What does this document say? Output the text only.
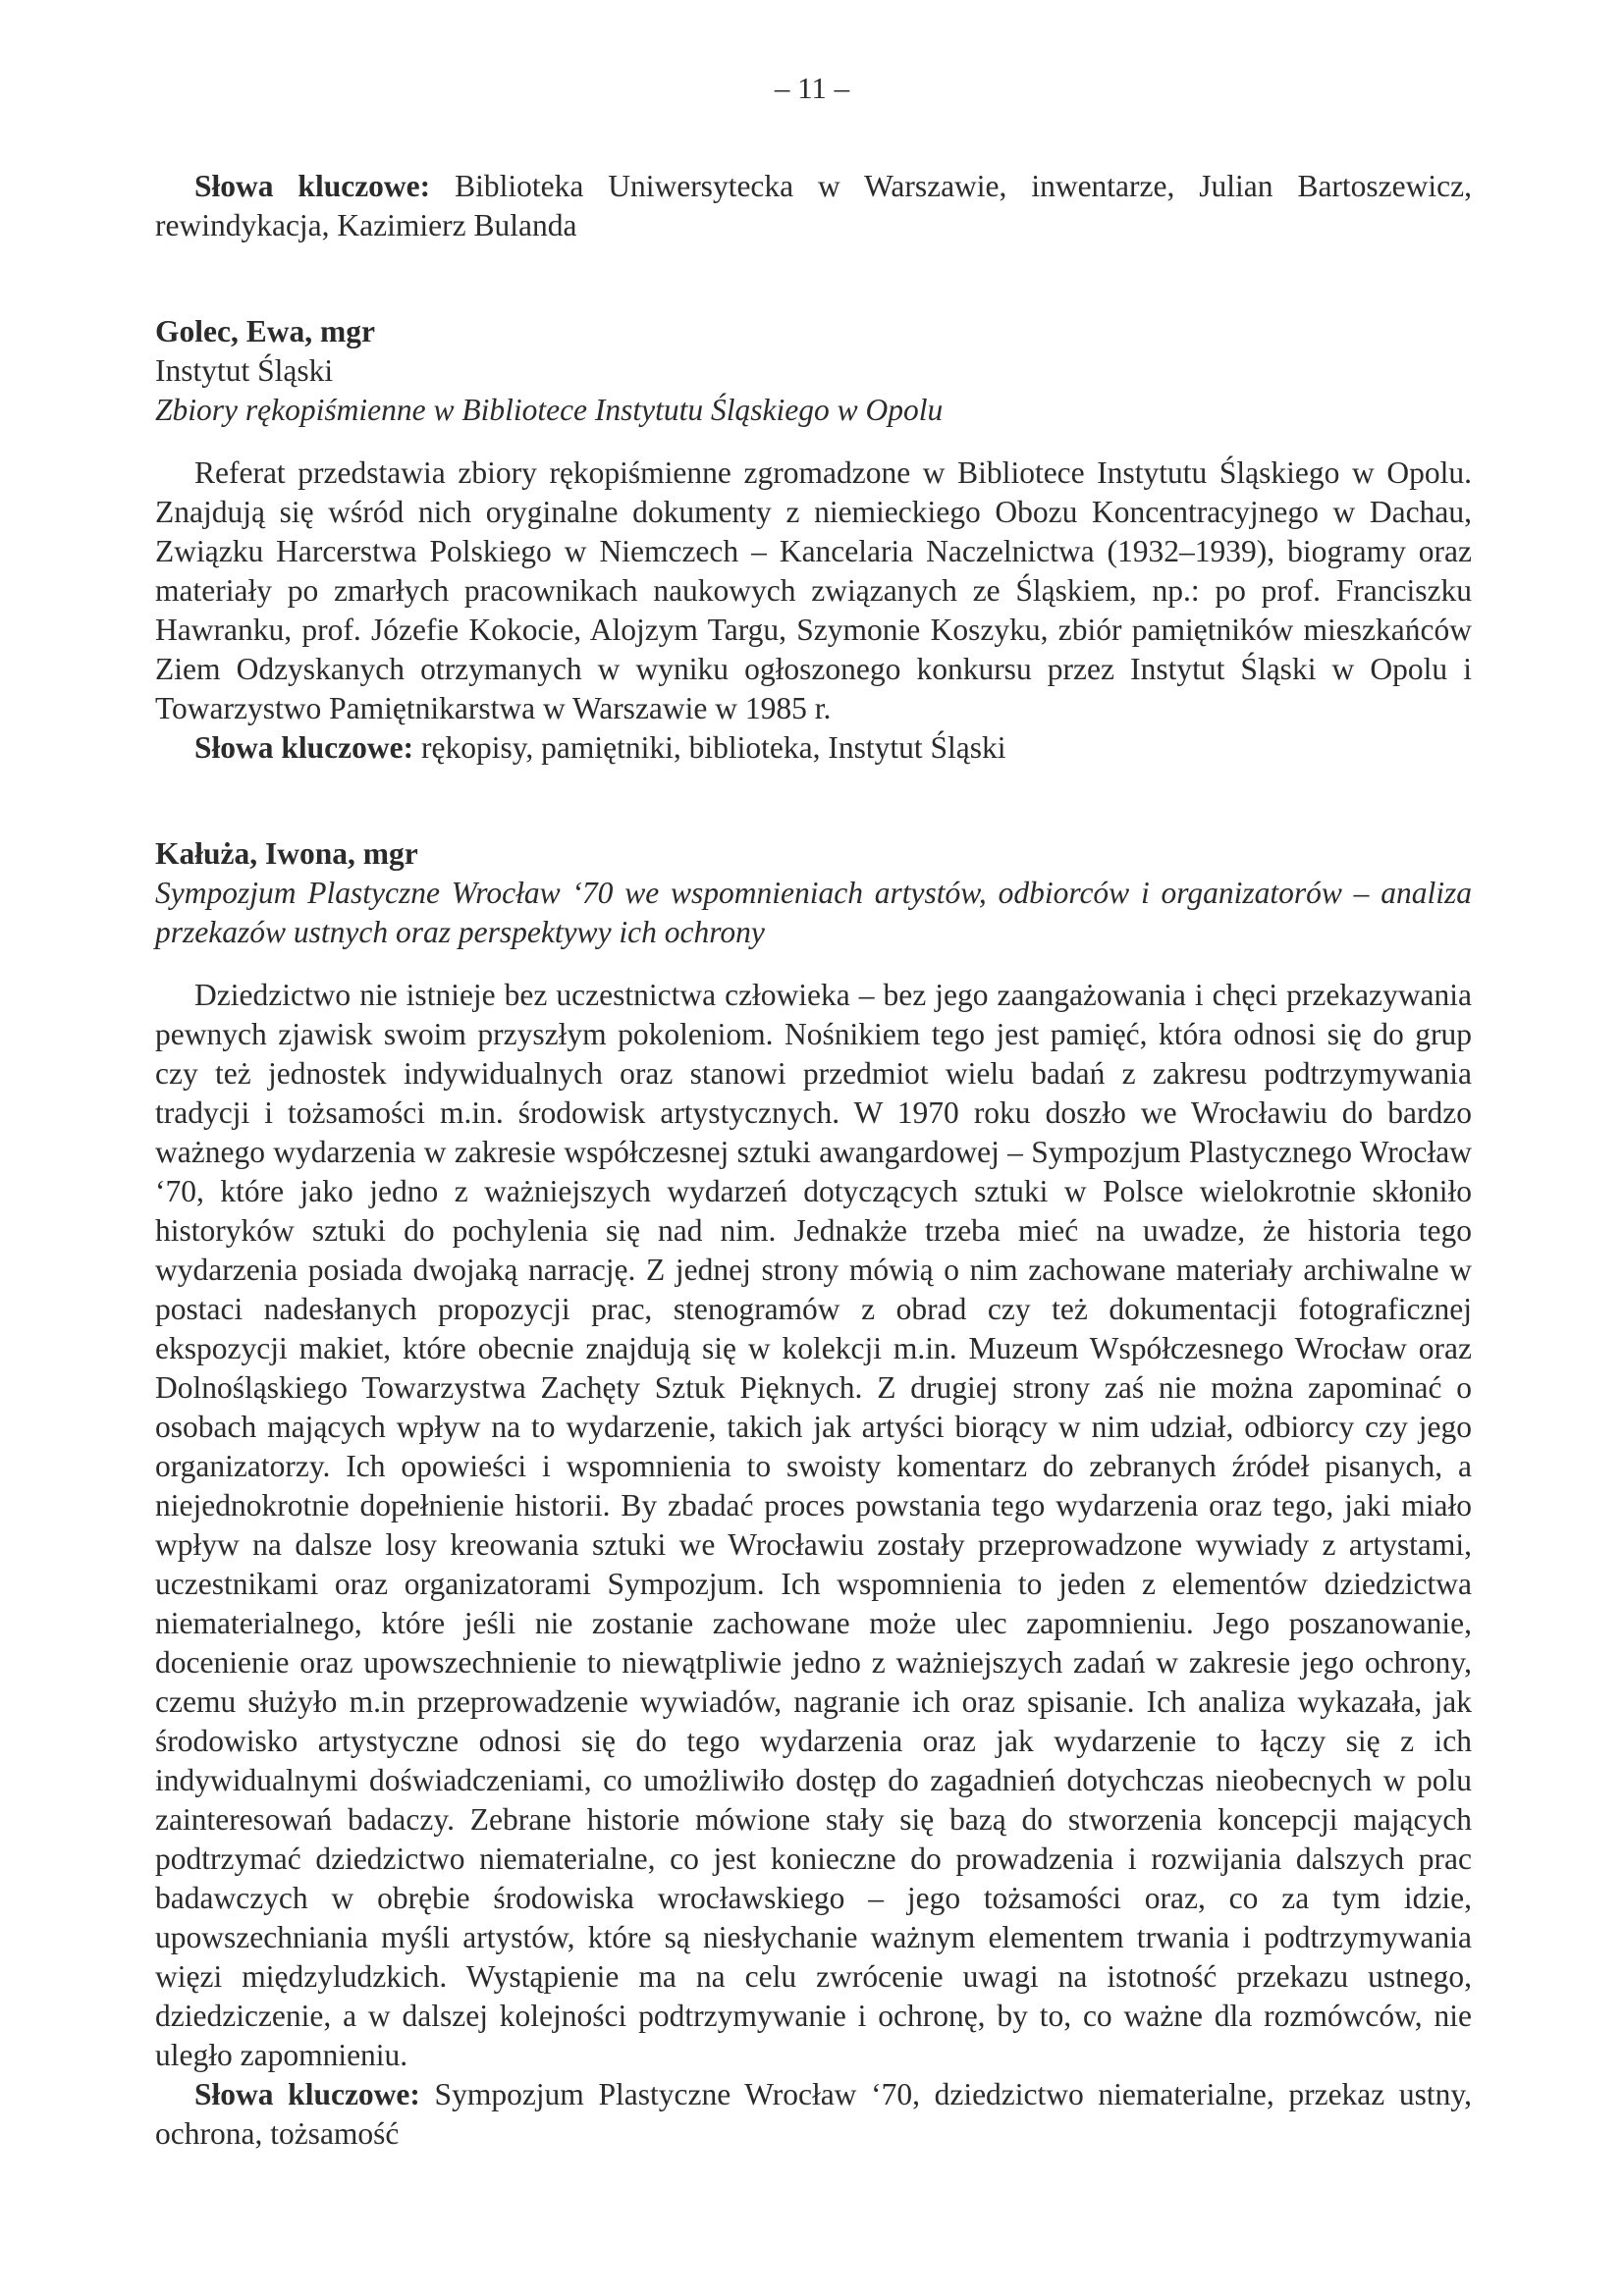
– 11 –

Słowa kluczowe: Biblioteka Uniwersytecka w Warszawie, inwentarze, Julian Bartoszewicz, rewindykacja, Kazimierz Bulanda

Golec, Ewa, mgr

Instytut Śląski

Zbiory rękopiśmienne w Bibliotece Instytutu Śląskiego w Opolu

Referat przedstawia zbiory rękopiśmienne zgromadzone w Bibliotece Instytutu Śląskiego w Opolu. Znajdują się wśród nich oryginalne dokumenty z niemieckiego Obozu Koncentracyjnego w Dachau, Związku Harcerstwa Polskiego w Niemczech – Kancelaria Naczelnictwa (1932–1939), biogramy oraz materiały po zmarłych pracownikach naukowych związanych ze Śląskiem, np.: po prof. Franciszku Hawranku, prof. Józefie Kokocie, Alojzym Targu, Szymonie Koszyku, zbiór pamiętników mieszkańców Ziem Odzyskanych otrzymanych w wyniku ogłoszonego konkursu przez Instytut Śląski w Opolu i Towarzystwo Pamiętnikarstwa w Warszawie w 1985 r.

Słowa kluczowe: rękopisy, pamiętniki, biblioteka, Instytut Śląski

Kałuża, Iwona, mgr

Sympozjum Plastyczne Wrocław ‘70 we wspomnieniach artystów, odbiorców i organizatorów – analiza przekazów ustnych oraz perspektywy ich ochrony

Dziedzictwo nie istnieje bez uczestnictwa człowieka – bez jego zaangażowania i chęci przekazywania pewnych zjawisk swoim przyszłym pokoleniom. Nośnikiem tego jest pamięć, która odnosi się do grup czy też jednostek indywidualnych oraz stanowi przedmiot wielu badań z zakresu podtrzymywania tradycji i tożsamości m.in. środowisk artystycznych. W 1970 roku doszło we Wrocławiu do bardzo ważnego wydarzenia w zakresie współczesnej sztuki awangardowej – Sympozjum Plastycznego Wrocław ‘70, które jako jedno z ważniejszych wydarzeń dotyczących sztuki w Polsce wielokrotnie skłoniło historyków sztuki do pochylenia się nad nim. Jednakże trzeba mieć na uwadze, że historia tego wydarzenia posiada dwojaką narrację. Z jednej strony mówią o nim zachowane materiały archiwalne w postaci nadesłanych propozycji prac, stenogramów z obrad czy też dokumentacji fotograficznej ekspozycji makiet, które obecnie znajdują się w kolekcji m.in. Muzeum Współczesnego Wrocław oraz Dolnośląskiego Towarzystwa Zachęty Sztuk Pięknych. Z drugiej strony zaś nie można zapominać o osobach mających wpływ na to wydarzenie, takich jak artyści biorący w nim udział, odbiorcy czy jego organizatorzy. Ich opowieści i wspomnienia to swoisty komentarz do zebranych źródeł pisanych, a niejednokrotnie dopełnienie historii. By zbadać proces powstania tego wydarzenia oraz tego, jaki miało wpływ na dalsze losy kreowania sztuki we Wrocławiu zostały przeprowadzone wywiady z artystami, uczestnikami oraz organizatorami Sympozjum. Ich wspomnienia to jeden z elementów dziedzictwa niematerialnego, które jeśli nie zostanie zachowane może ulec zapomnieniu. Jego poszanowanie, docenienie oraz upowszechnienie to niewątpliwie jedno z ważniejszych zadań w zakresie jego ochrony, czemu służyło m.in przeprowadzenie wywiadów, nagranie ich oraz spisanie. Ich analiza wykazała, jak środowisko artystyczne odnosi się do tego wydarzenia oraz jak wydarzenie to łączy się z ich indywidualnymi doświadczeniami, co umożliwiło dostęp do zagadnień dotychczas nieobecnych w polu zainteresowań badaczy. Zebrane historie mówione stały się bazą do stworzenia koncepcji mających podtrzymać dziedzictwo niematerialne, co jest konieczne do prowadzenia i rozwijania dalszych prac badawczych w obrębie środowiska wrocławskiego – jego tożsamości oraz, co za tym idzie, upowszechniania myśli artystów, które są niesłychanie ważnym elementem trwania i podtrzymywania więzi międzyludzkich. Wystąpienie ma na celu zwrócenie uwagi na istotność przekazu ustnego, dziedziczenie, a w dalszej kolejności podtrzymywanie i ochronę, by to, co ważne dla rozmówców, nie uległo zapomnieniu.

Słowa kluczowe: Sympozjum Plastyczne Wrocław ‘70, dziedzictwo niematerialne, przekaz ustny, ochrona, tożsamość
